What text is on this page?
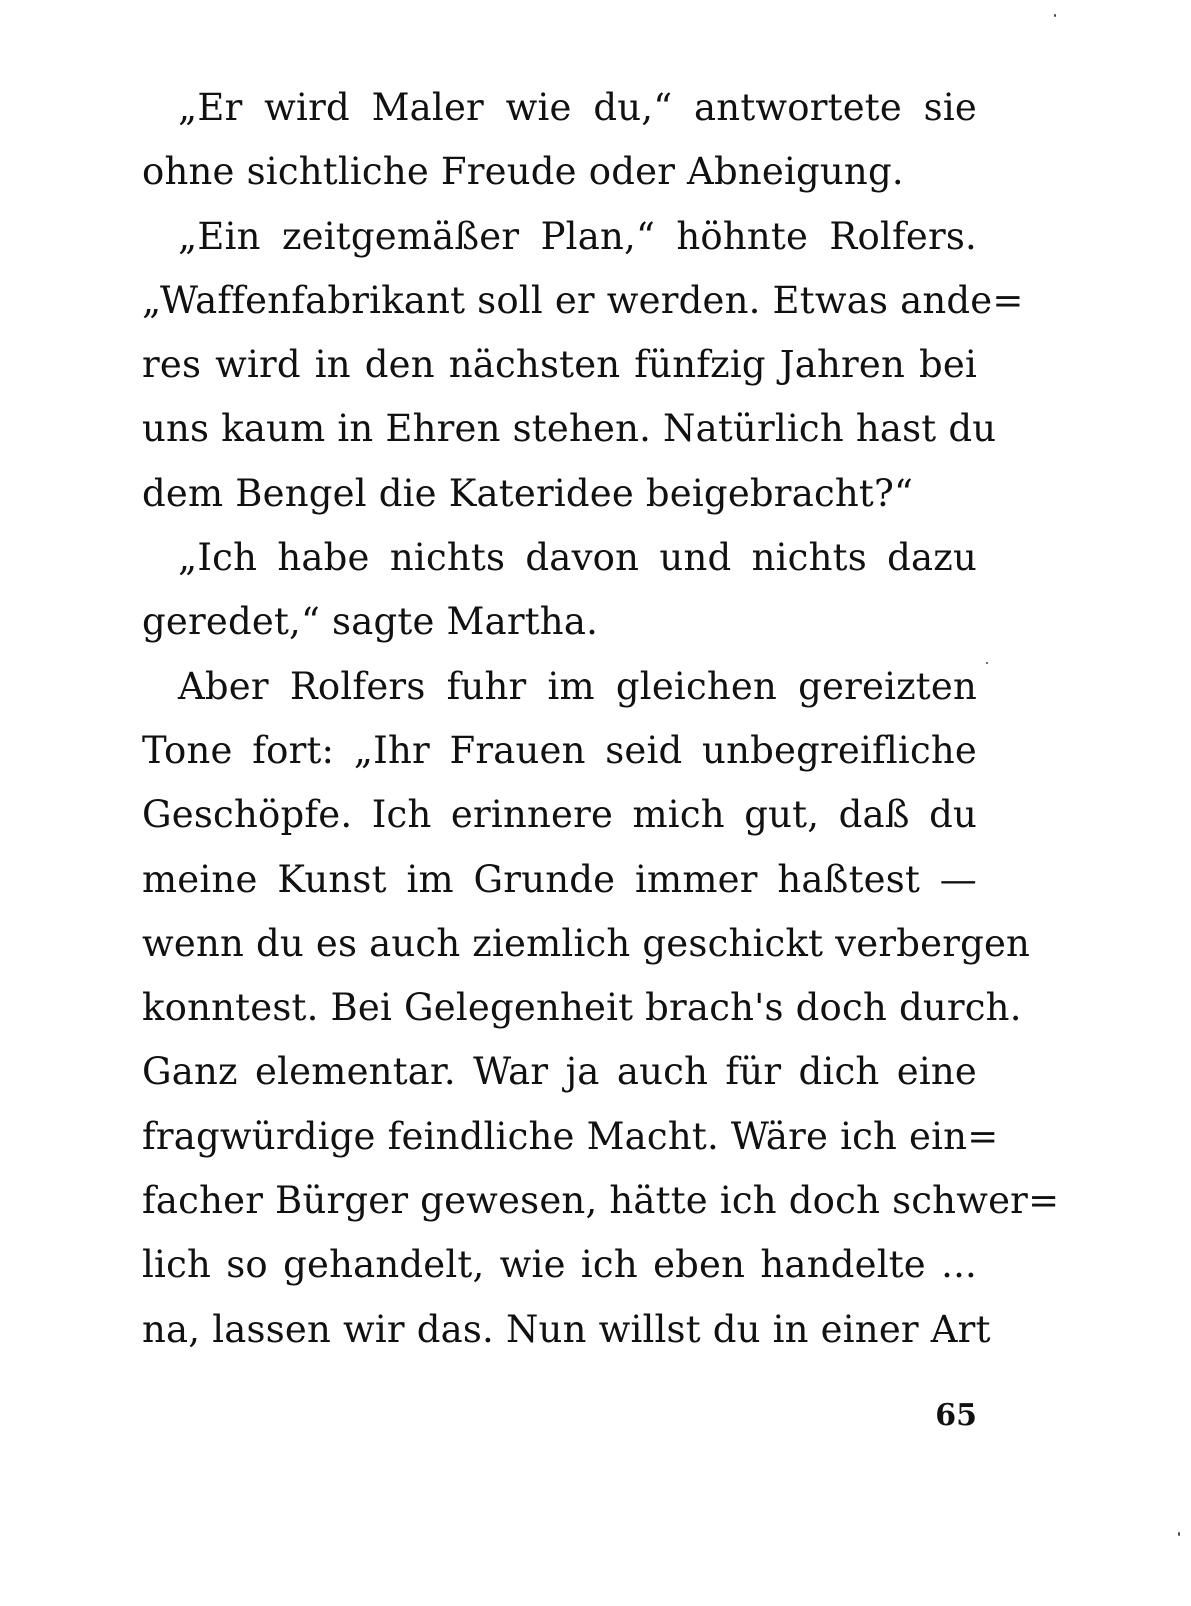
„Er wird Maler wie du,“ antwortete sie
ohne sichtliche Freude oder Abneigung.
„Ein zeitgemäßer Plan,“ höhnte Rolfers.
„Waffenfabrikant soll er werden. Etwas ande=
res wird in den nächsten fünfzig Jahren bei
uns kaum in Ehren stehen. Natürlich hast du
dem Bengel die Kateridee beigebracht?“
„Ich habe nichts davon und nichts dazu
geredet,“ sagte Martha.
Aber Rolfers fuhr im gleichen gereizten
Tone fort: „Ihr Frauen seid unbegreifliche
Geschöpfe. Ich erinnere mich gut, daß du
meine Kunst im Grunde immer haßtest —
wenn du es auch ziemlich geschickt verbergen
konntest. Bei Gelegenheit brach's doch durch.
Ganz elementar. War ja auch für dich eine
fragwürdige feindliche Macht. Wäre ich ein=
facher Bürger gewesen, hätte ich doch schwer=
lich so gehandelt, wie ich eben handelte ...
na, lassen wir das. Nun willst du in einer Art
65
